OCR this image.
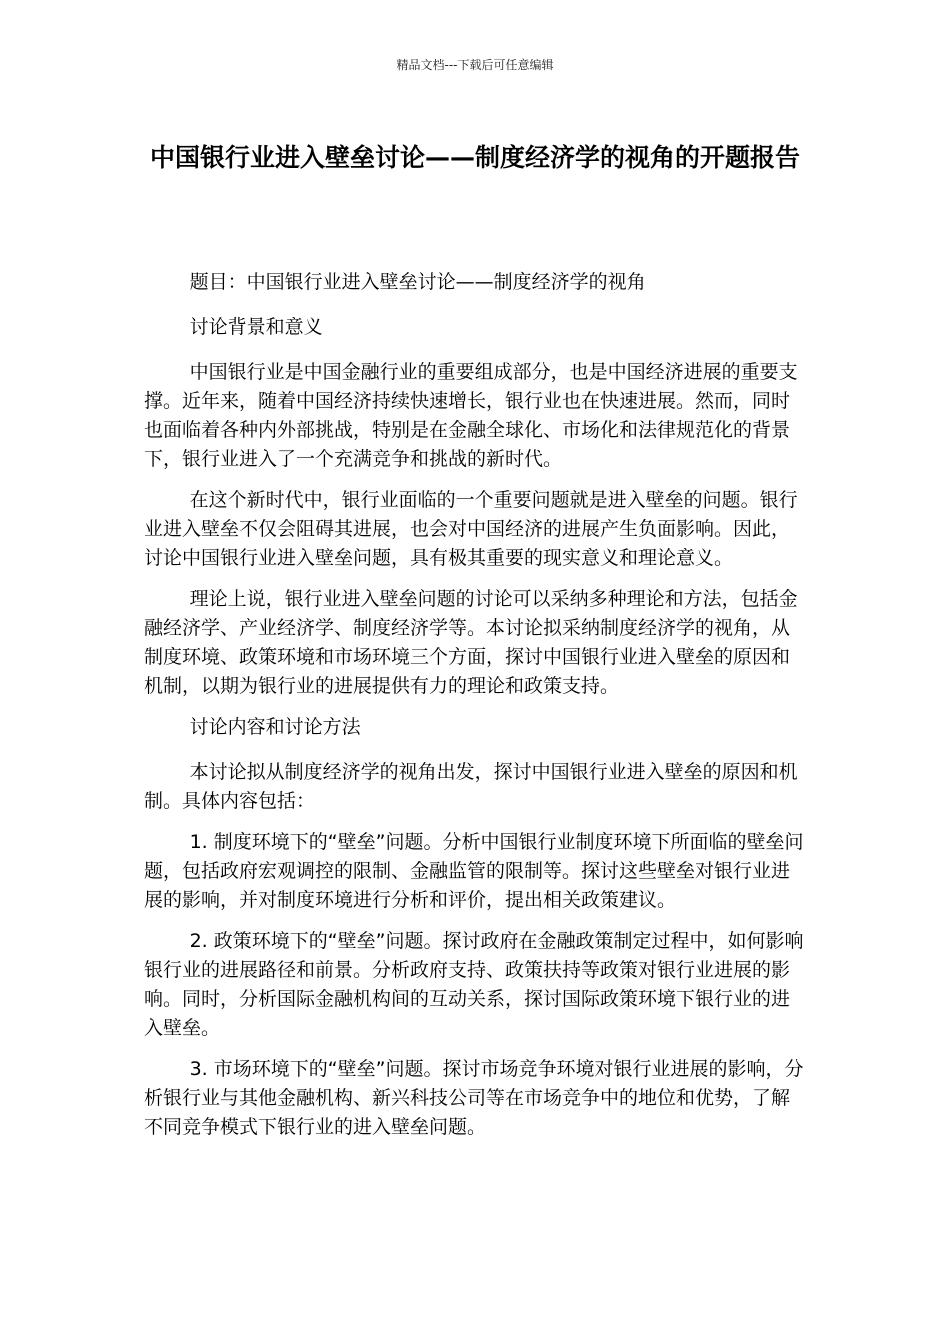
精品文档---下载后可任意编辑
中国银行业进入壁垒讨论——制度经济学的视角的开题报告

题目：中国银行业进入壁垒讨论——制度经济学的视角

讨论背景和意义

中国银行业是中国金融行业的重要组成部分，也是中国经济进展的重要支撑。近年来，随着中国经济持续快速增长，银行业也在快速进展。然而，同时也面临着各种内外部挑战，特别是在金融全球化、市场化和法律规范化的背景下，银行业进入了一个充满竞争和挑战的新时代。

在这个新时代中，银行业面临的一个重要问题就是进入壁垒的问题。银行业进入壁垒不仅会阻碍其进展，也会对中国经济的进展产生负面影响。因此，讨论中国银行业进入壁垒问题，具有极其重要的现实意义和理论意义。

理论上说，银行业进入壁垒问题的讨论可以采纳多种理论和方法，包括金融经济学、产业经济学、制度经济学等。本讨论拟采纳制度经济学的视角，从制度环境、政策环境和市场环境三个方面，探讨中国银行业进入壁垒的原因和机制，以期为银行业的进展提供有力的理论和政策支持。

讨论内容和讨论方法

本讨论拟从制度经济学的视角出发，探讨中国银行业进入壁垒的原因和机制。具体内容包括：

1. 制度环境下的“壁垒”问题。分析中国银行业制度环境下所面临的壁垒问题，包括政府宏观调控的限制、金融监管的限制等。探讨这些壁垒对银行业进展的影响，并对制度环境进行分析和评价，提出相关政策建议。

2. 政策环境下的“壁垒”问题。探讨政府在金融政策制定过程中，如何影响银行业的进展路径和前景。分析政府支持、政策扶持等政策对银行业进展的影响。同时，分析国际金融机构间的互动关系，探讨国际政策环境下银行业的进入壁垒。

3. 市场环境下的“壁垒”问题。探讨市场竞争环境对银行业进展的影响，分析银行业与其他金融机构、新兴科技公司等在市场竞争中的地位和优势，了解不同竞争模式下银行业的进入壁垒问题。
